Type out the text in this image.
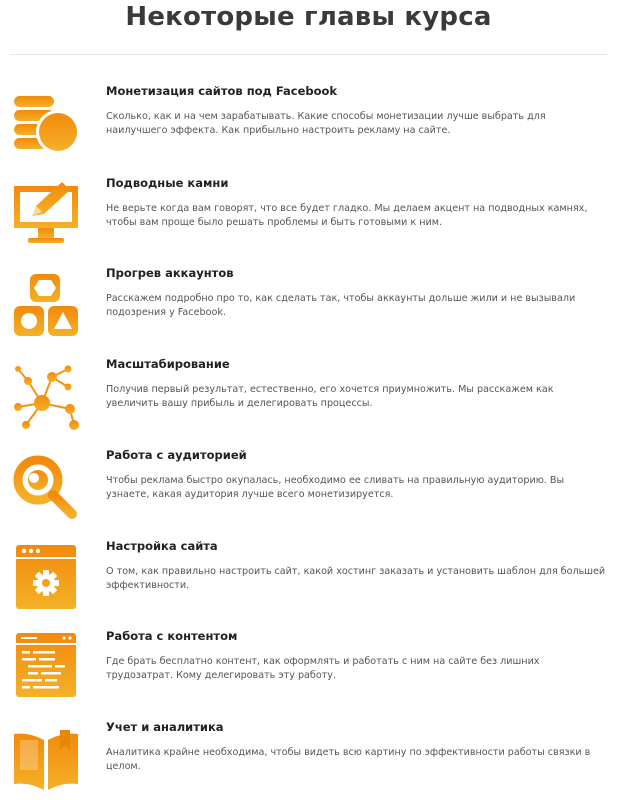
Некоторые главы курса
Монетизация сайтов под Facebook
Сколько, как и на чем зарабатывать. Какие способы монетизации лучше выбрать для наилучшего эффекта. Как прибыльно настроить рекламу на сайте.
Подводные камни
Не верьте когда вам говорят, что все будет гладко. Мы делаем акцент на подводных камнях, чтобы вам проще было решать проблемы и быть готовыми к ним.
Прогрев аккаунтов
Расскажем подробно про то, как сделать так, чтобы аккаунты дольше жили и не вызывали подозрения у Facebook.
Масштабирование
Получив первый результат, естественно, его хочется приумножить. Мы расскажем как увеличить вашу прибыль и делегировать процессы.
Работа с аудиторией
Чтобы реклама быстро окупалась, необходимо ее сливать на правильную аудиторию. Вы узнаете, какая аудитория лучше всего монетизируется.
Настройка сайта
О том, как правильно настроить сайт, какой хостинг заказать и установить шаблон для большей эффективности.
Работа с контентом
Где брать бесплатно контент, как оформлять и работать с ним на сайте без лишних трудозатрат. Кому делегировать эту работу.
Учет и аналитика
Аналитика крайне необходима, чтобы видеть всю картину по эффективности работы связки в целом.
